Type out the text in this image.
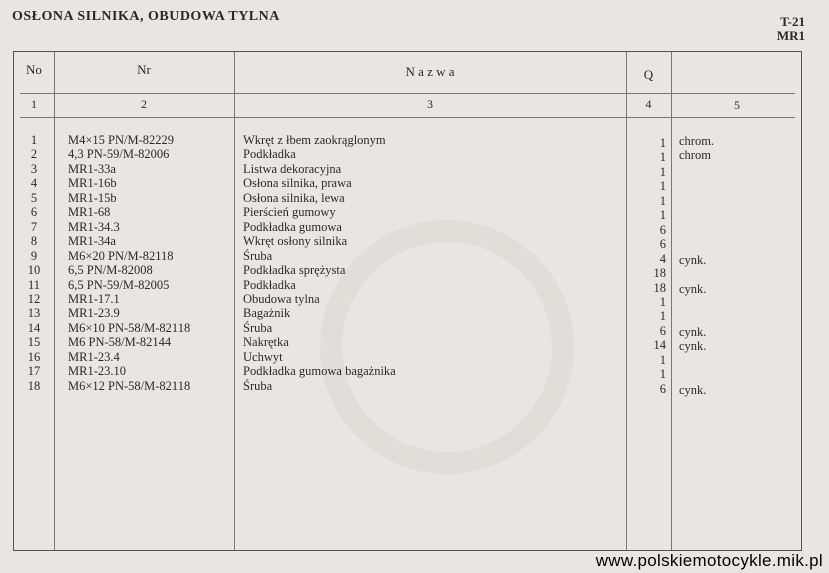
OSŁONA SILNIKA, OBUDOWA TYLNA	T-21
MR1
No	Nr	N a z w a	Q
1	2	3	4	5
1	M4×15 PN/M-82229	Wkręt z łbem zaokrąglonym	1 chrom.
2	4,3 PN-59/M-82006	Podkładka	1 chrom
3	MR1-33a	Listwa dekoracyjna	1
4	MR1-16b	Osłona silnika, prawa	1
5	MR1-15b	Osłona silnika, lewa	1
6	MR1-68	Pierścień gumowy	1
7	MR1-34.3	Podkładka gumowa	6
8	MR1-34a	Wkręt osłony silnika	6
9	M6×20 PN/M-82118	Śruba	4 cynk.
10	6,5 PN/M-82008	Podkładka sprężysta	18
11	6,5 PN-59/M-82005	Podkładka	18 cynk.
12	MR1-17.1	Obudowa tylna	1
13	MR1-23.9	Bagażnik	1
14	M6×10 PN-58/M-82118	Śruba	6 cynk.
15	M6 PN-58/M-82144	Nakrętka	14 cynk.
16	MR1-23.4	Uchwyt	1
17	MR1-23.10	Podkładka gumowa bagażnika	1
18	M6×12 PN-58/M-82118	Śruba	6 cynk.
www.polskiemotocykle.mik.pl
